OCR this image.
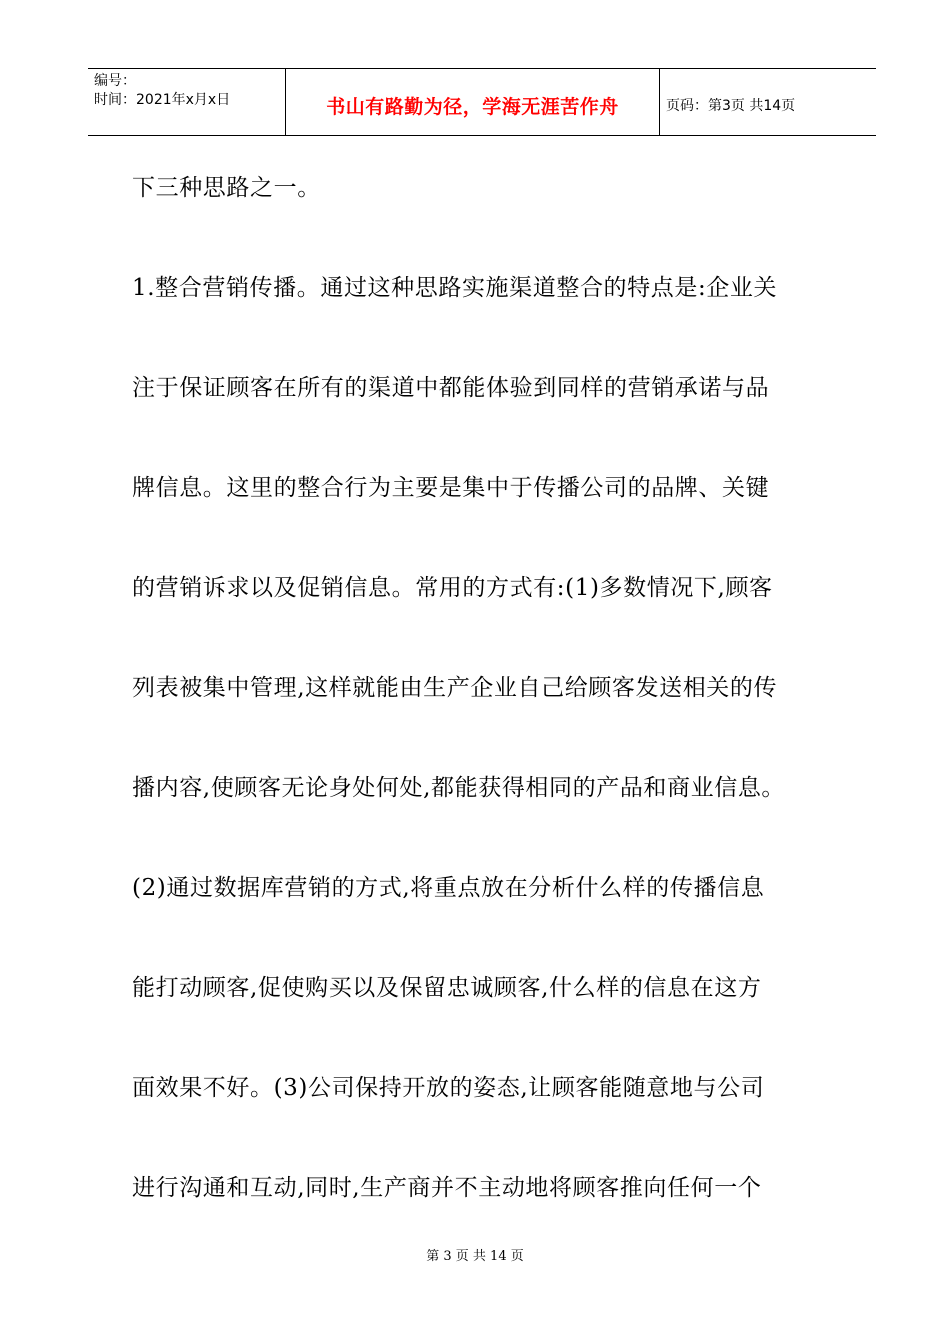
编号：
时间：2021年x月x日	书山有路勤为径，学海无涯苦作舟	页码：第3页 共14页

下三种思路之一。

1.整合营销传播。通过这种思路实施渠道整合的特点是:企业关

注于保证顾客在所有的渠道中都能体验到同样的营销承诺与品

牌信息。这里的整合行为主要是集中于传播公司的品牌、关键

的营销诉求以及促销信息。常用的方式有:(1)多数情况下,顾客

列表被集中管理,这样就能由生产企业自己给顾客发送相关的传

播内容,使顾客无论身处何处,都能获得相同的产品和商业信息。

(2)通过数据库营销的方式,将重点放在分析什么样的传播信息

能打动顾客,促使购买以及保留忠诚顾客,什么样的信息在这方

面效果不好。(3)公司保持开放的姿态,让顾客能随意地与公司

进行沟通和互动,同时,生产商并不主动地将顾客推向任何一个

第 3 页 共 14 页
